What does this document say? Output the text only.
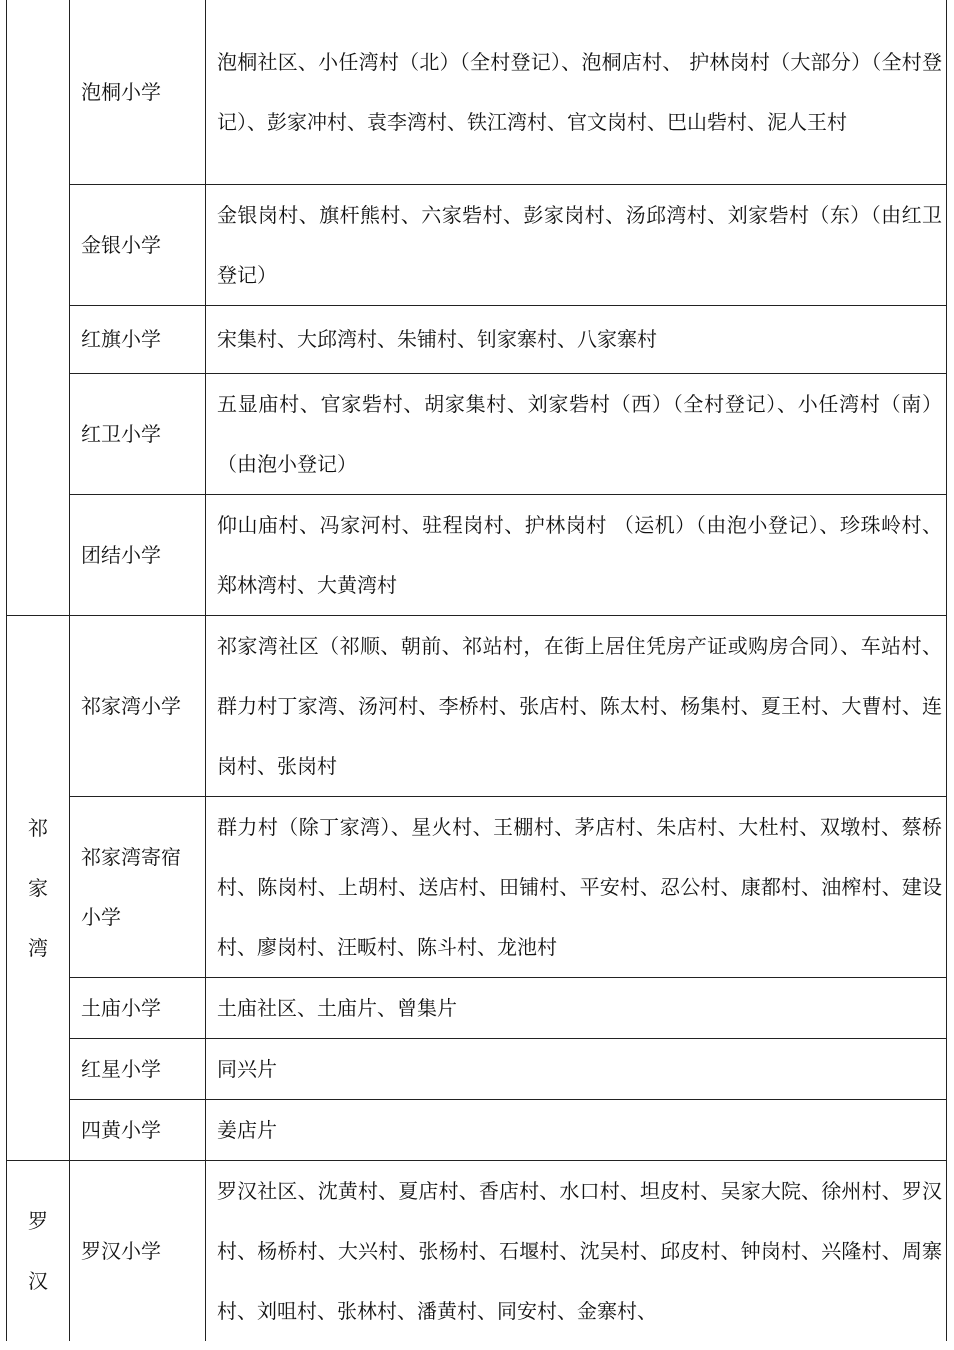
	泡桐小学	泡桐社区、小任湾村（北）（全村登记）、泡桐店村、 护林岗村（大部分）（全村登记）、彭家冲村、袁李湾村、铁江湾村、官文岗村、巴山砦村、泥人王村

	金银小学	金银岗村、旗杆熊村、六家砦村、彭家岗村、汤邱湾村、刘家砦村（东）（由红卫登记）

	红旗小学	宋集村、大邱湾村、朱铺村、钊家寨村、八家寨村

	红卫小学	五显庙村、官家砦村、胡家集村、刘家砦村（西）（全村登记）、小任湾村（南）（由泡小登记）

	团结小学	仰山庙村、冯家河村、驻程岗村、护林岗村 （运机）（由泡小登记）、珍珠岭村、郑林湾村、大黄湾村
祁家湾	祁家湾小学	祁家湾社区（祁顺、朝前、祁站村，在街上居住凭房产证或购房合同）、车站村、群力村丁家湾、汤河村、李桥村、张店村、陈太村、杨集村、夏王村、大曹村、连岗村、张岗村

	祁家湾寄宿小学	群力村（除丁家湾）、星火村、王棚村、茅店村、朱店村、大杜村、双墩村、蔡桥村、陈岗村、上胡村、送店村、田铺村、平安村、忍公村、康都村、油榨村、建设村、廖岗村、汪畈村、陈斗村、龙池村

	土庙小学	土庙社区、土庙片、曾集片

	红星小学	同兴片

	四黄小学	姜店片
罗汉	罗汉小学	罗汉社区、沈黄村、夏店村、香店村、水口村、坦皮村、吴家大院、徐州村、罗汉村、杨桥村、大兴村、张杨村、石堰村、沈吴村、邱皮村、钟岗村、兴隆村、周寨村、刘咀村、张林村、潘黄村、同安村、金寨村、
